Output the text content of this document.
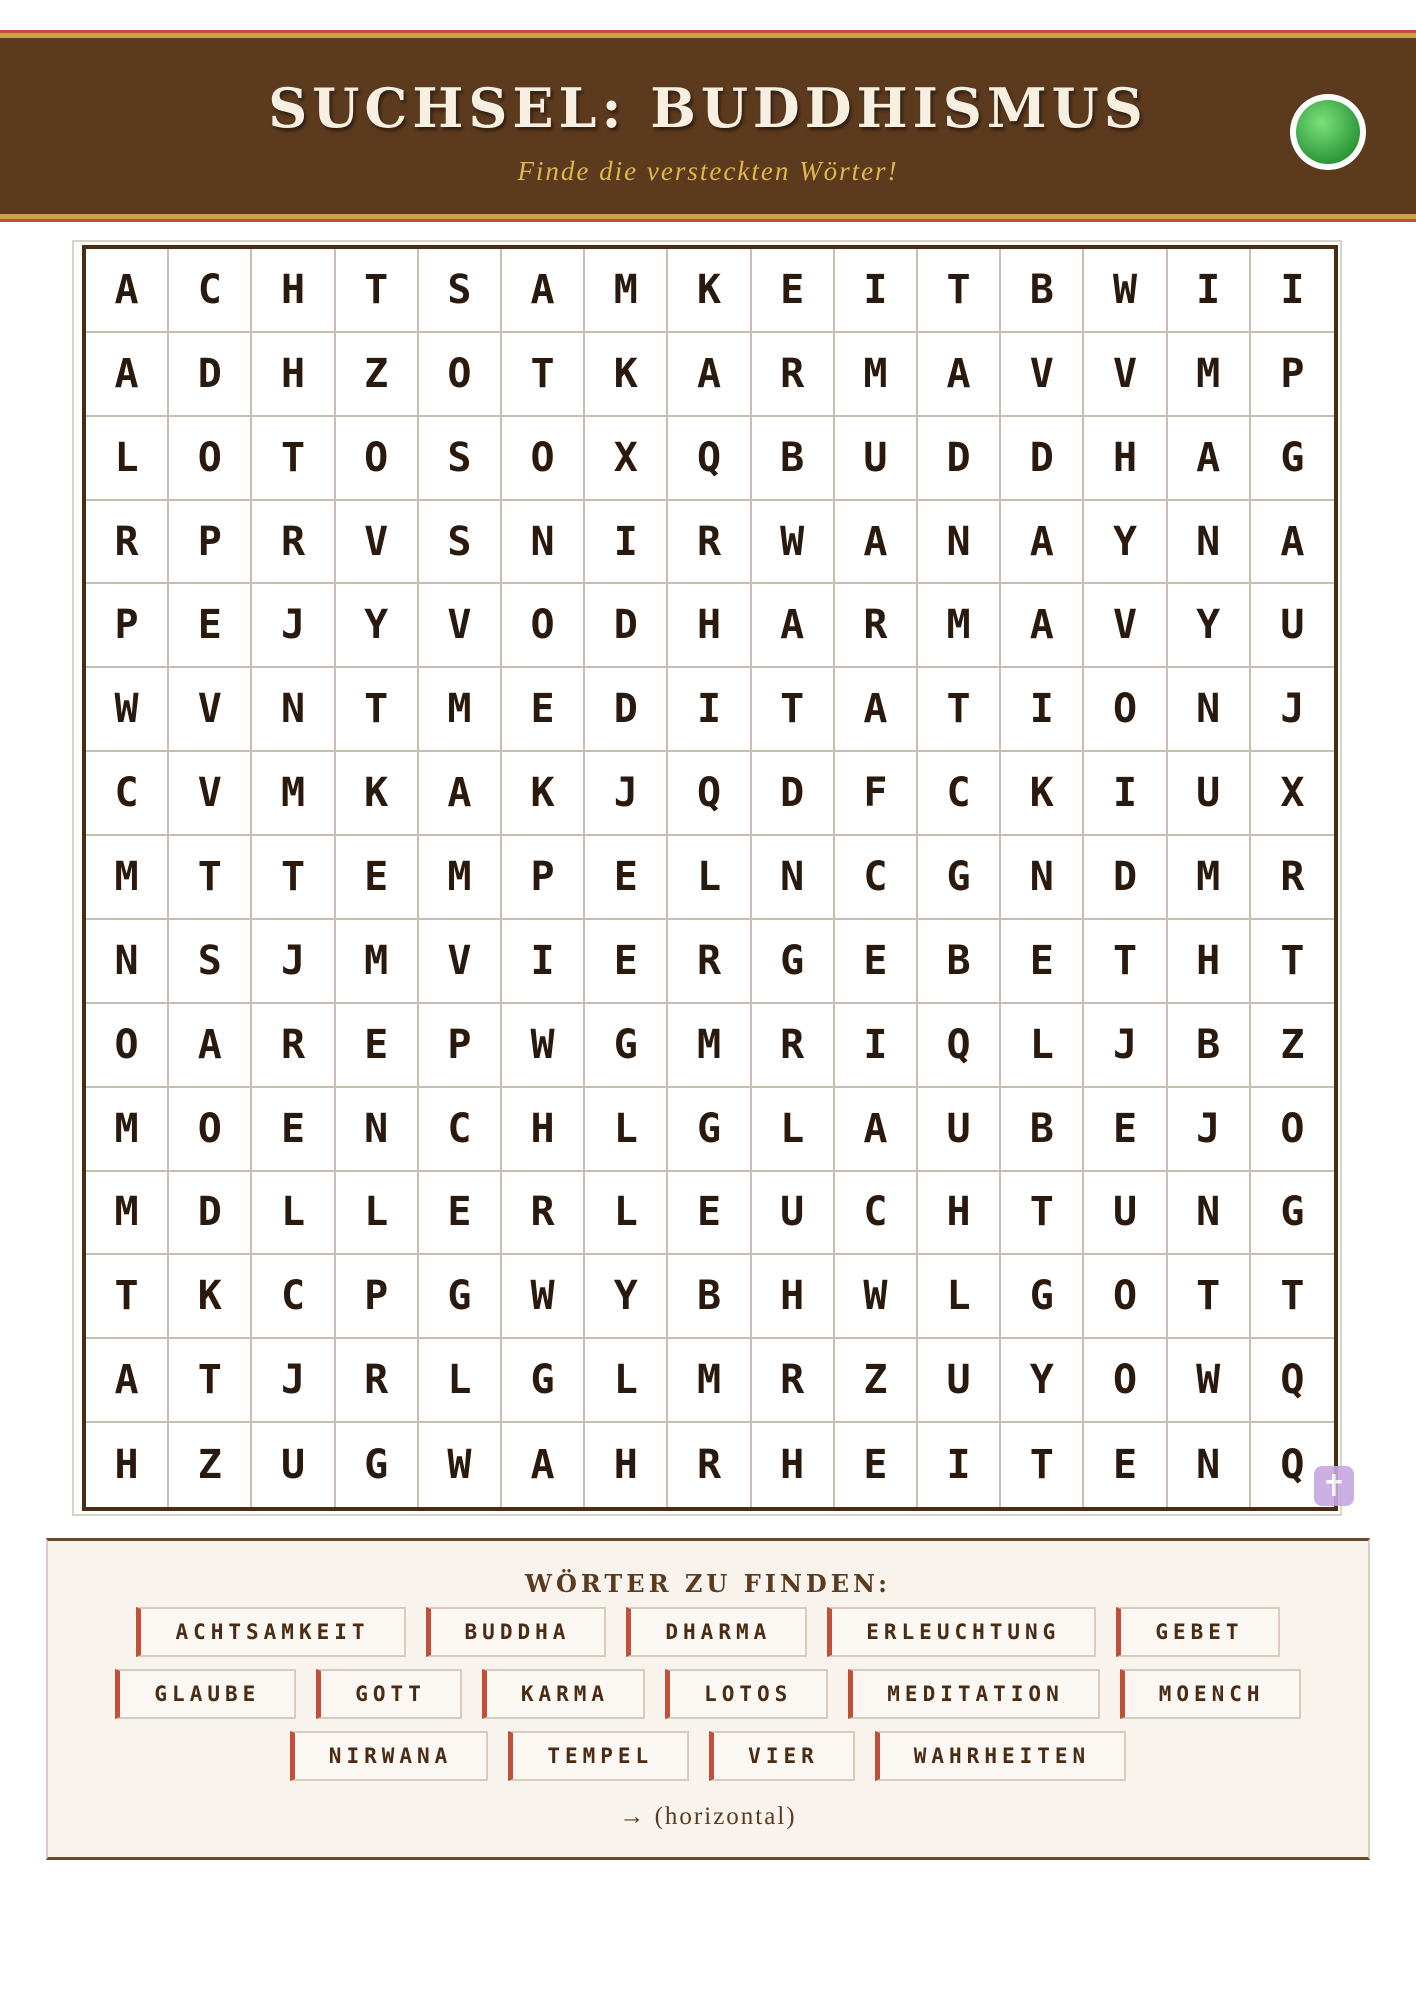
SUCHSEL: BUDDHISMUS
Finde die versteckten Wörter!
A	C	H	T	S	A	M	K	E	I	T	B	W	I	I
A	D	H	Z	O	T	K	A	R	M	A	V	V	M	P
L	O	T	O	S	O	X	Q	B	U	D	D	H	A	G
R	P	R	V	S	N	I	R	W	A	N	A	Y	N	A
P	E	J	Y	V	O	D	H	A	R	M	A	V	Y	U
W	V	N	T	M	E	D	I	T	A	T	I	O	N	J
C	V	M	K	A	K	J	Q	D	F	C	K	I	U	X
M	T	T	E	M	P	E	L	N	C	G	N	D	M	R
N	S	J	M	V	I	E	R	G	E	B	E	T	H	T
O	A	R	E	P	W	G	M	R	I	Q	L	J	B	Z
M	O	E	N	C	H	L	G	L	A	U	B	E	J	O
M	D	L	L	E	R	L	E	U	C	H	T	U	N	G
T	K	C	P	G	W	Y	B	H	W	L	G	O	T	T
A	T	J	R	L	G	L	M	R	Z	U	Y	O	W	Q
H	Z	U	G	W	A	H	R	H	E	I	T	E	N	Q ✝
WÖRTER ZU FINDEN:
ACHTSAMKEIT	BUDDHA	DHARMA	ERLEUCHTUNG	GEBET
GLAUBE	GOTT	KARMA	LOTOS	MEDITATION	MOENCH
NIRWANA	TEMPEL	VIER	WAHRHEITEN
→ (horizontal)
